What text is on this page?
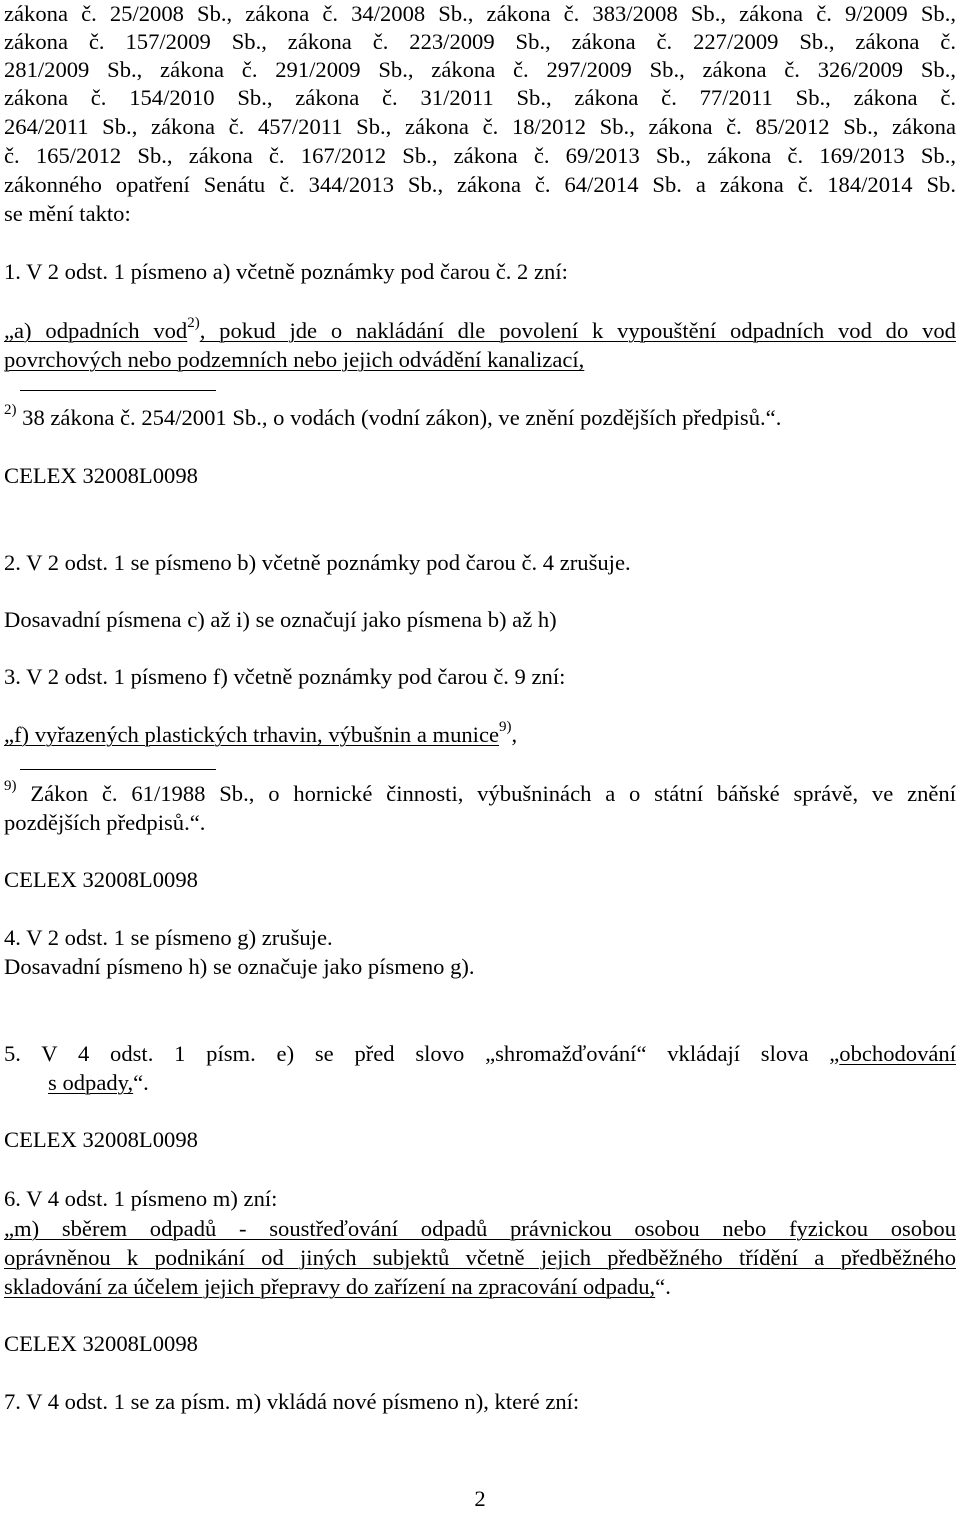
zákona č. 25/2008 Sb., zákona č. 34/2008 Sb., zákona č. 383/2008 Sb., zákona č. 9/2009 Sb.,
zákona č. 157/2009 Sb., zákona č. 223/2009 Sb., zákona č. 227/2009 Sb., zákona č.
281/2009 Sb., zákona č. 291/2009 Sb., zákona č. 297/2009 Sb., zákona č. 326/2009 Sb.,
zákona č. 154/2010 Sb., zákona č. 31/2011 Sb., zákona č. 77/2011 Sb., zákona č.
264/2011 Sb., zákona č. 457/2011 Sb., zákona č. 18/2012 Sb., zákona č. 85/2012 Sb., zákona
č. 165/2012 Sb., zákona č. 167/2012 Sb., zákona č. 69/2013 Sb., zákona č. 169/2013 Sb.,
zákonného opatření Senátu č. 344/2013 Sb., zákona č. 64/2014 Sb. a zákona č. 184/2014 Sb.
se mění takto:
1. V 2 odst. 1 písmeno a) včetně poznámky pod čarou č. 2 zní:
„a) odpadních vod$^{2)}$, pokud jde o nakládání dle povolení k vypouštění odpadních vod do vod
povrchových nebo podzemních nebo jejich odvádění kanalizací,
$^{2)}$ 38 zákona č. 254/2001 Sb., o vodách (vodní zákon), ve znění pozdějších předpisů.“.
CELEX 32008L0098
2. V 2 odst. 1 se písmeno b) včetně poznámky pod čarou č. 4 zrušuje.
Dosavadní písmena c) až i) se označují jako písmena b) až h)
3. V 2 odst. 1 písmeno f) včetně poznámky pod čarou č. 9 zní:
„f) vyřazených plastických trhavin, výbušnin a munice$^{9)}$,
$^{9)}$ Zákon č. 61/1988 Sb., o hornické činnosti, výbušninách a o státní báňské správě, ve znění
pozdějších předpisů.“.
CELEX 32008L0098
4. V 2 odst. 1 se písmeno g) zrušuje.
Dosavadní písmeno h) se označuje jako písmeno g).
5. V 4 odst. 1 písm. e) se před slovo „shromažďování“ vkládají slova „obchodování
s odpady,“.
CELEX 32008L0098
6. V 4 odst. 1 písmeno m) zní:
„m) sběrem odpadů - soustřeďování odpadů právnickou osobou nebo fyzickou osobou
oprávněnou k podnikání od jiných subjektů včetně jejich předběžného třídění a předběžného
skladování za účelem jejich přepravy do zařízení na zpracování odpadu,“.
CELEX 32008L0098
7. V 4 odst. 1 se za písm. m) vkládá nové písmeno n), které zní:
2
